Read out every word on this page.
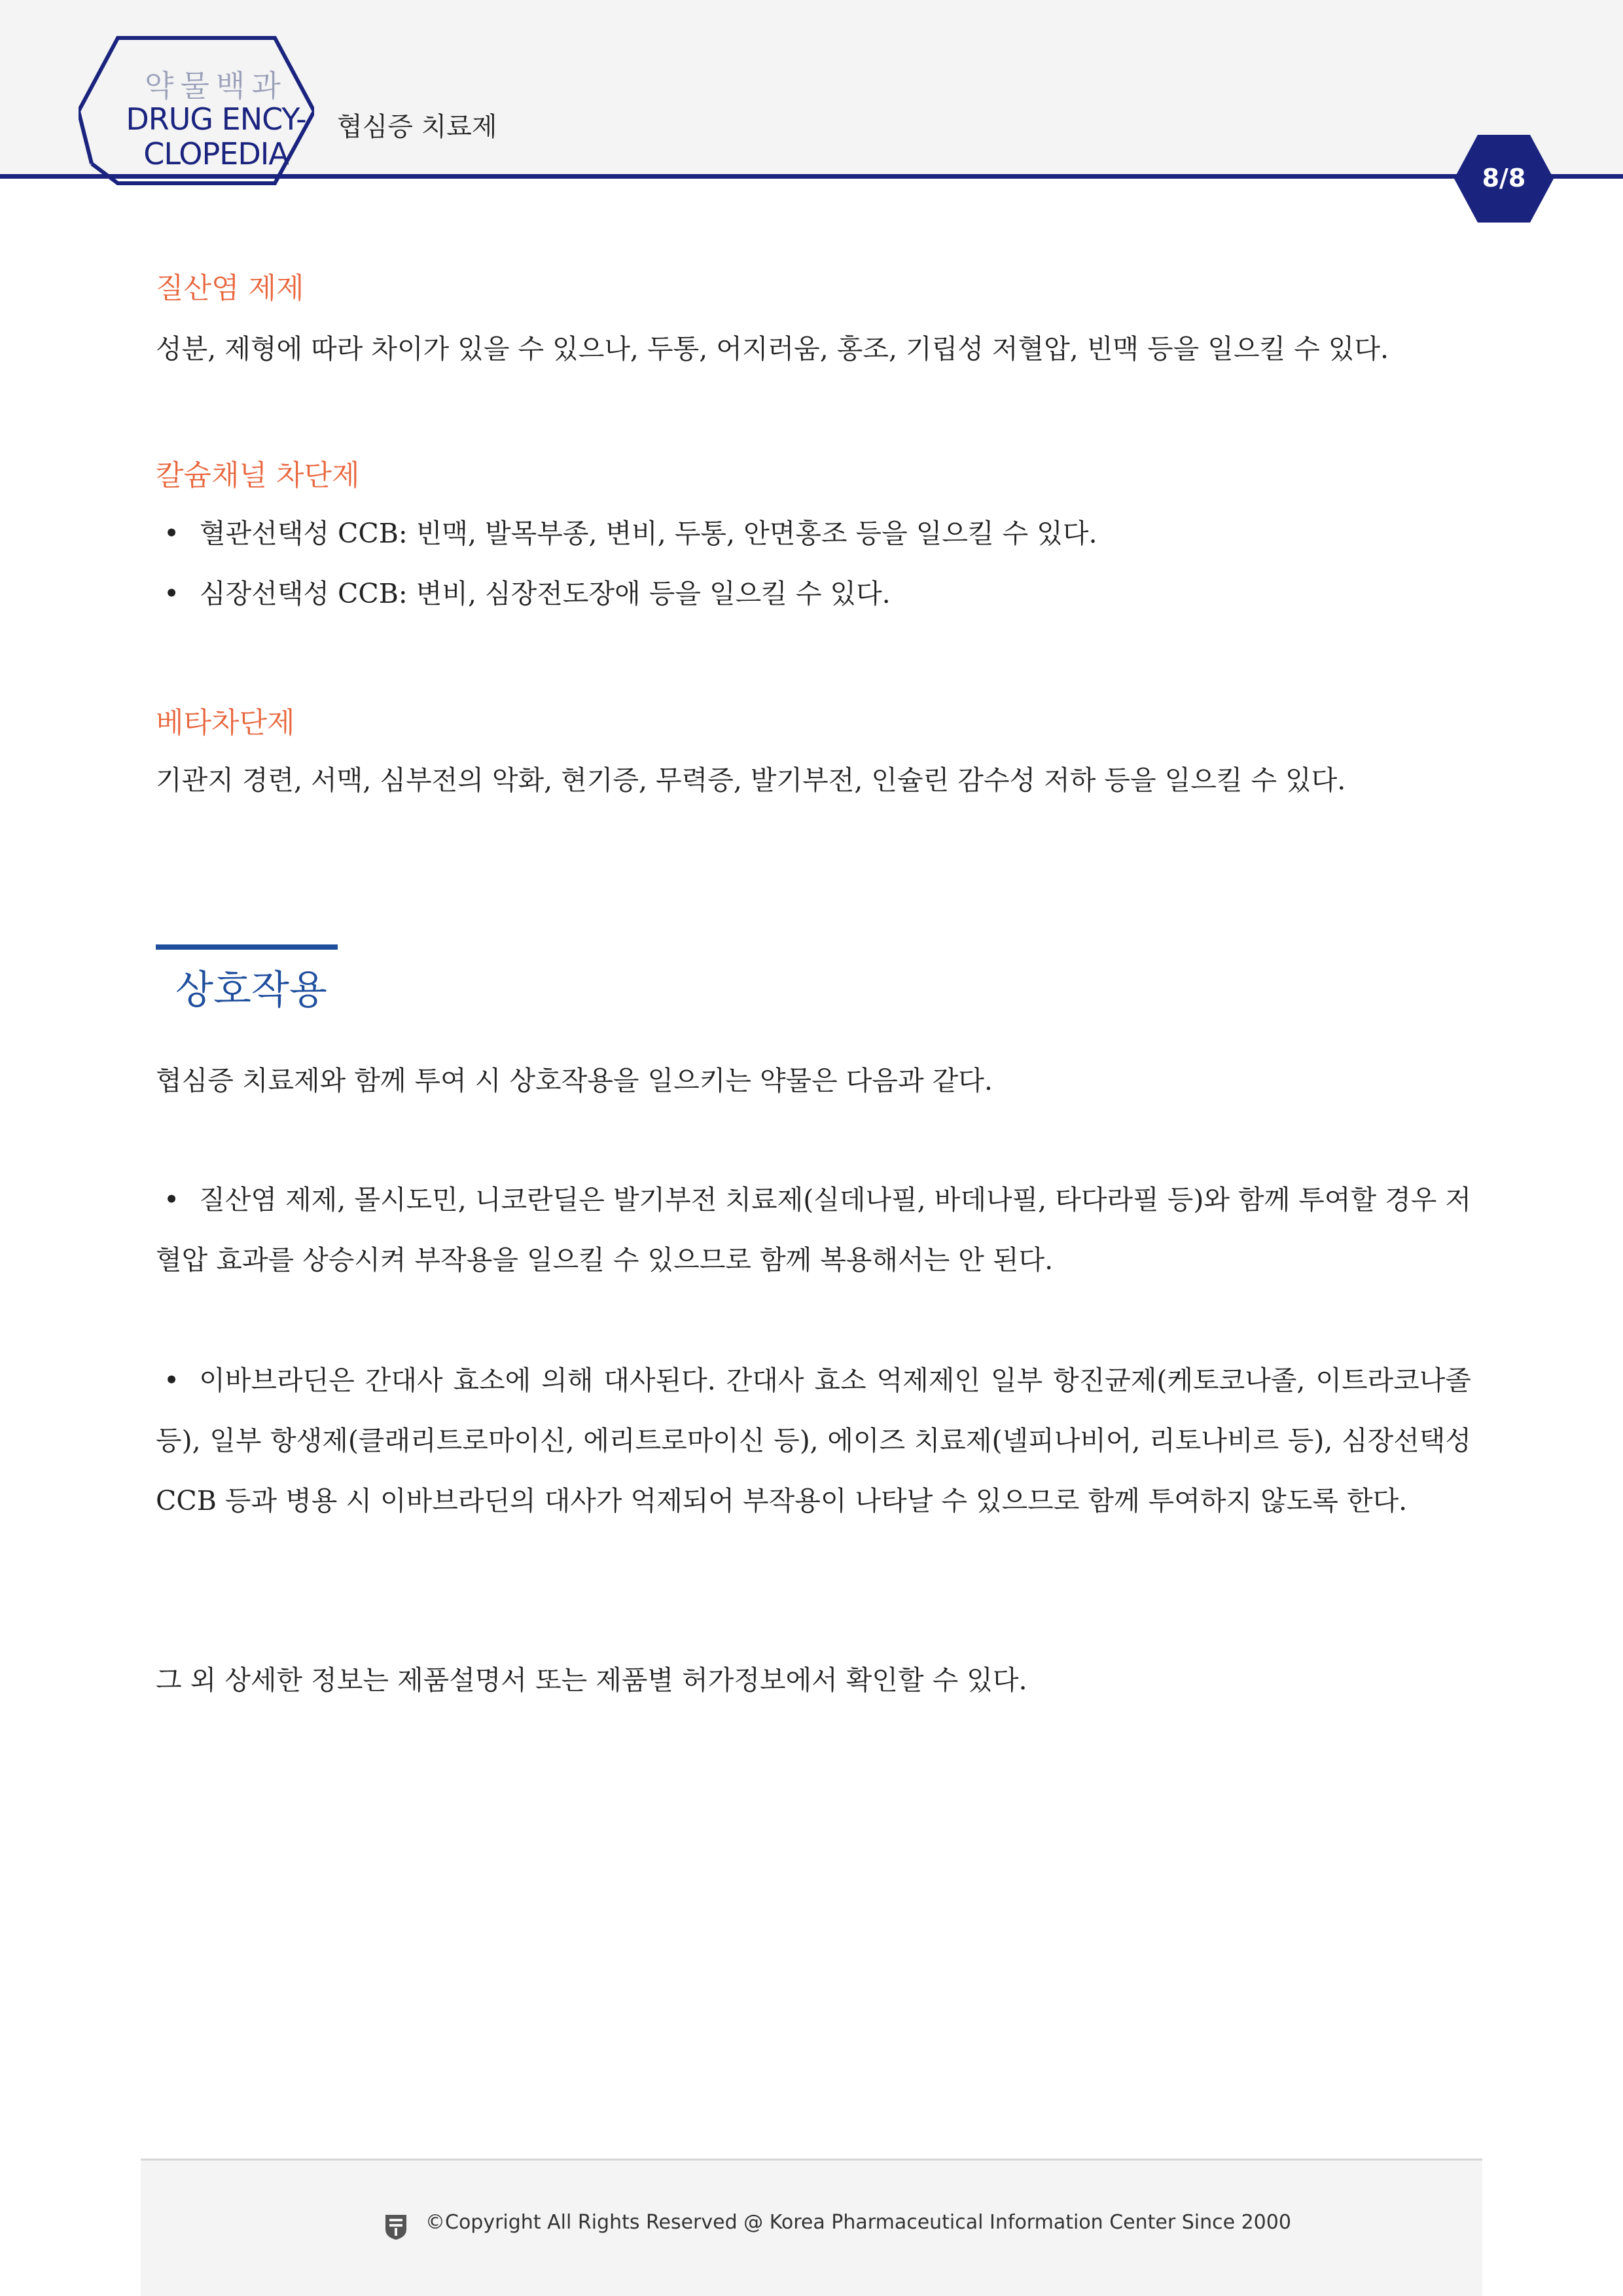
약물백과
DRUG ENCY-
CLOPEDIA
협심증 치료제
8/8
질산염 제제
성분, 제형에 따라 차이가 있을 수 있으나, 두통, 어지러움, 홍조, 기립성 저혈압, 빈맥 등을 일으킬 수 있다.
칼슘채널 차단제
• 혈관선택성 CCB: 빈맥, 발목부종, 변비, 두통, 안면홍조 등을 일으킬 수 있다.
• 심장선택성 CCB: 변비, 심장전도장애 등을 일으킬 수 있다.
베타차단제
기관지 경련, 서맥, 심부전의 악화, 현기증, 무력증, 발기부전, 인슐린 감수성 저하 등을 일으킬 수 있다.
상호작용
협심증 치료제와 함께 투여 시 상호작용을 일으키는 약물은 다음과 같다.
• 질산염 제제, 몰시도민, 니코란딜은 발기부전 치료제(실데나필, 바데나필, 타다라필 등)와 함께 투여할 경우 저혈압 효과를 상승시켜 부작용을 일으킬 수 있으므로 함께 복용해서는 안 된다.
• 이바브라딘은 간대사 효소에 의해 대사된다. 간대사 효소 억제제인 일부 항진균제(케토코나졸, 이트라코나졸 등), 일부 항생제(클래리트로마이신, 에리트로마이신 등), 에이즈 치료제(넬피나비어, 리토나비르 등), 심장선택성 CCB 등과 병용 시 이바브라딘의 대사가 억제되어 부작용이 나타날 수 있으므로 함께 투여하지 않도록 한다.
그 외 상세한 정보는 제품설명서 또는 제품별 허가정보에서 확인할 수 있다.
©Copyright All Rights Reserved @ Korea Pharmaceutical Information Center Since 2000
